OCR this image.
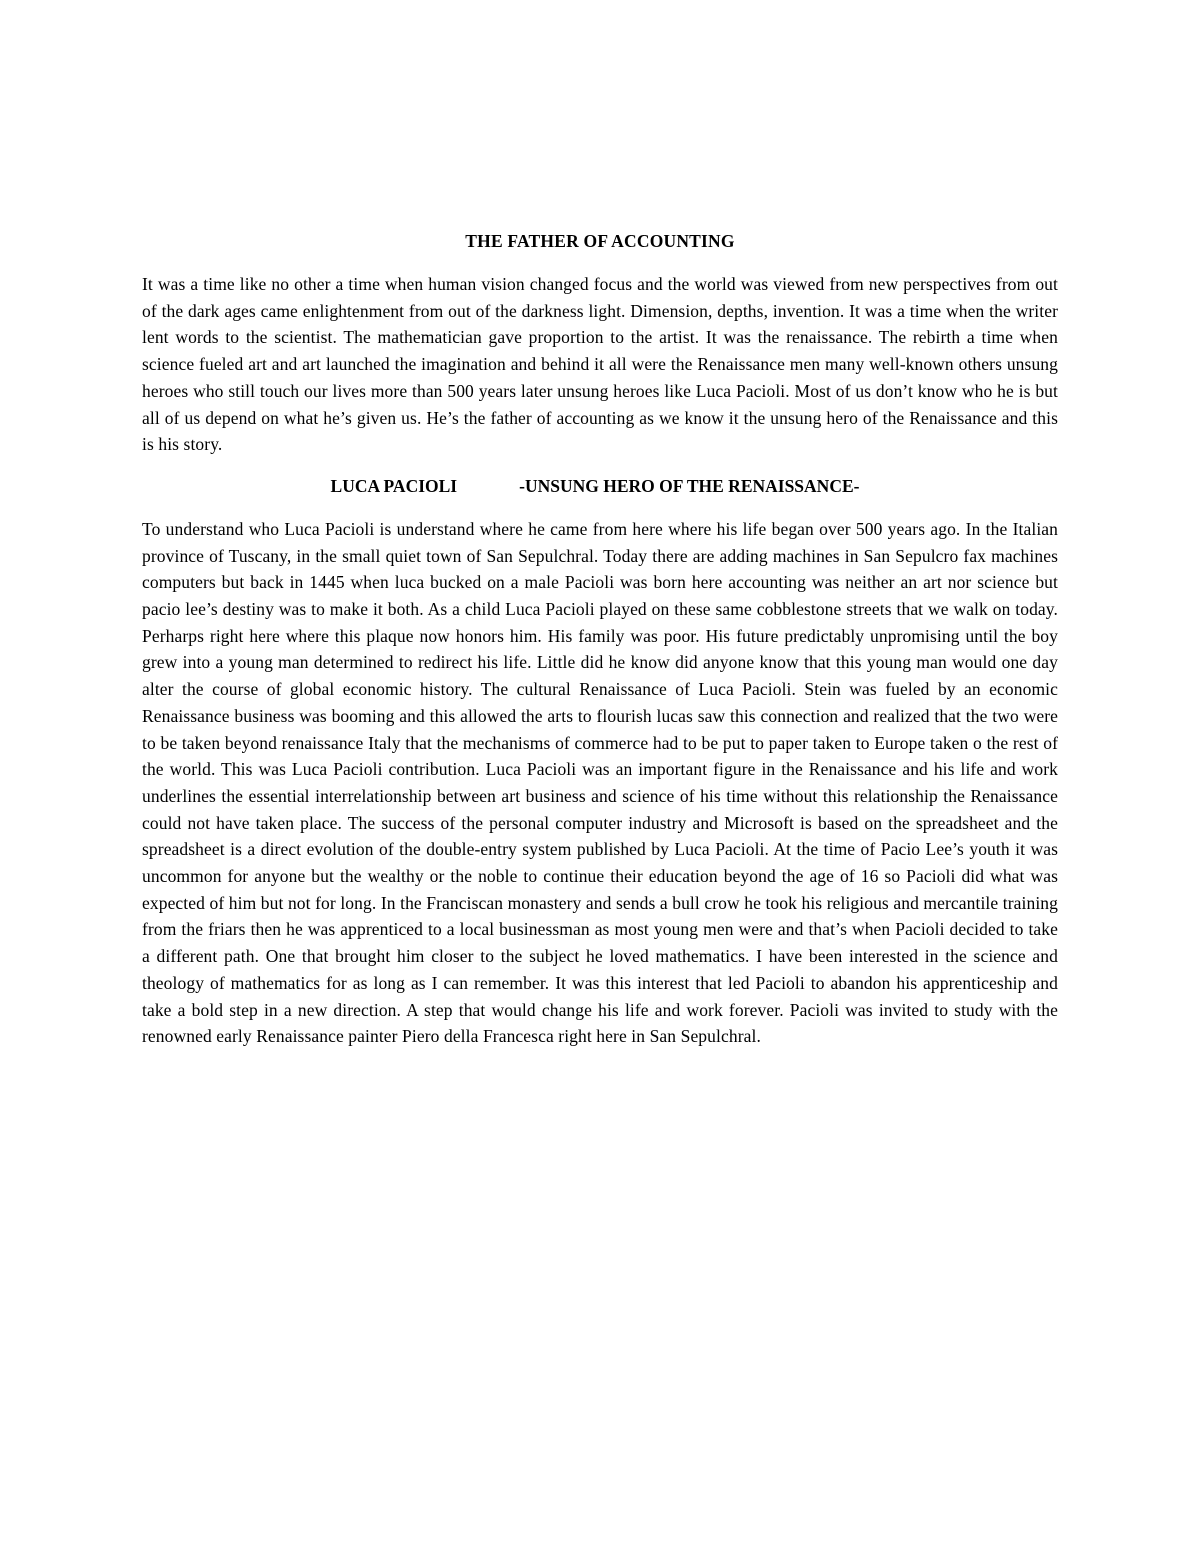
THE FATHER OF ACCOUNTING

It was a time like no other a time when human vision changed focus and the world was viewed from new perspectives from out of the dark ages came enlightenment from out of the darkness light. Dimension, depths, invention. It was a time when the writer lent words to the scientist. The mathematician gave proportion to the artist. It was the renaissance. The rebirth a time when science fueled art and art launched the imagination and behind it all were the Renaissance men many well-known others unsung heroes who still touch our lives more than 500 years later unsung heroes like Luca Pacioli. Most of us don’t know who he is but all of us depend on what he’s given us. He’s the father of accounting as we know it the unsung hero of the Renaissance and this is his story.

LUCA PACIOLI	-UNSUNG HERO OF THE RENAISSANCE-

To understand who Luca Pacioli is understand where he came from here where his life began over 500 years ago. In the Italian province of Tuscany, in the small quiet town of San Sepulchral. Today there are adding machines in San Sepulcro fax machines computers but back in 1445 when luca bucked on a male Pacioli was born here accounting was neither an art nor science but pacio lee’s destiny was to make it both. As a child Luca Pacioli played on these same cobblestone streets that we walk on today. Perharps right here where this plaque now honors him. His family was poor. His future predictably unpromising until the boy grew into a young man determined to redirect his life. Little did he know did anyone know that this young man would one day alter the course of global economic history. The cultural Renaissance of Luca Pacioli. Stein was fueled by an economic Renaissance business was booming and this allowed the arts to flourish lucas saw this connection and realized that the two were to be taken beyond renaissance Italy that the mechanisms of commerce had to be put to paper taken to Europe taken o the rest of the world. This was Luca Pacioli contribution. Luca Pacioli was an important figure in the Renaissance and his life and work underlines the essential interrelationship between art business and science of his time without this relationship the Renaissance could not have taken place. The success of the personal computer industry and Microsoft is based on the spreadsheet and the spreadsheet is a direct evolution of the double-entry system published by Luca Pacioli. At the time of Pacio Lee’s youth it was uncommon for anyone but the wealthy or the noble to continue their education beyond the age of 16 so Pacioli did what was expected of him but not for long. In the Franciscan monastery and sends a bull crow he took his religious and mercantile training from the friars then he was apprenticed to a local businessman as most young men were and that’s when Pacioli decided to take a different path. One that brought him closer to the subject he loved mathematics. I have been interested in the science and theology of mathematics for as long as I can remember. It was this interest that led Pacioli to abandon his apprenticeship and take a bold step in a new direction. A step that would change his life and work forever. Pacioli was invited to study with the renowned early Renaissance painter Piero della Francesca right here in San Sepulchral.
